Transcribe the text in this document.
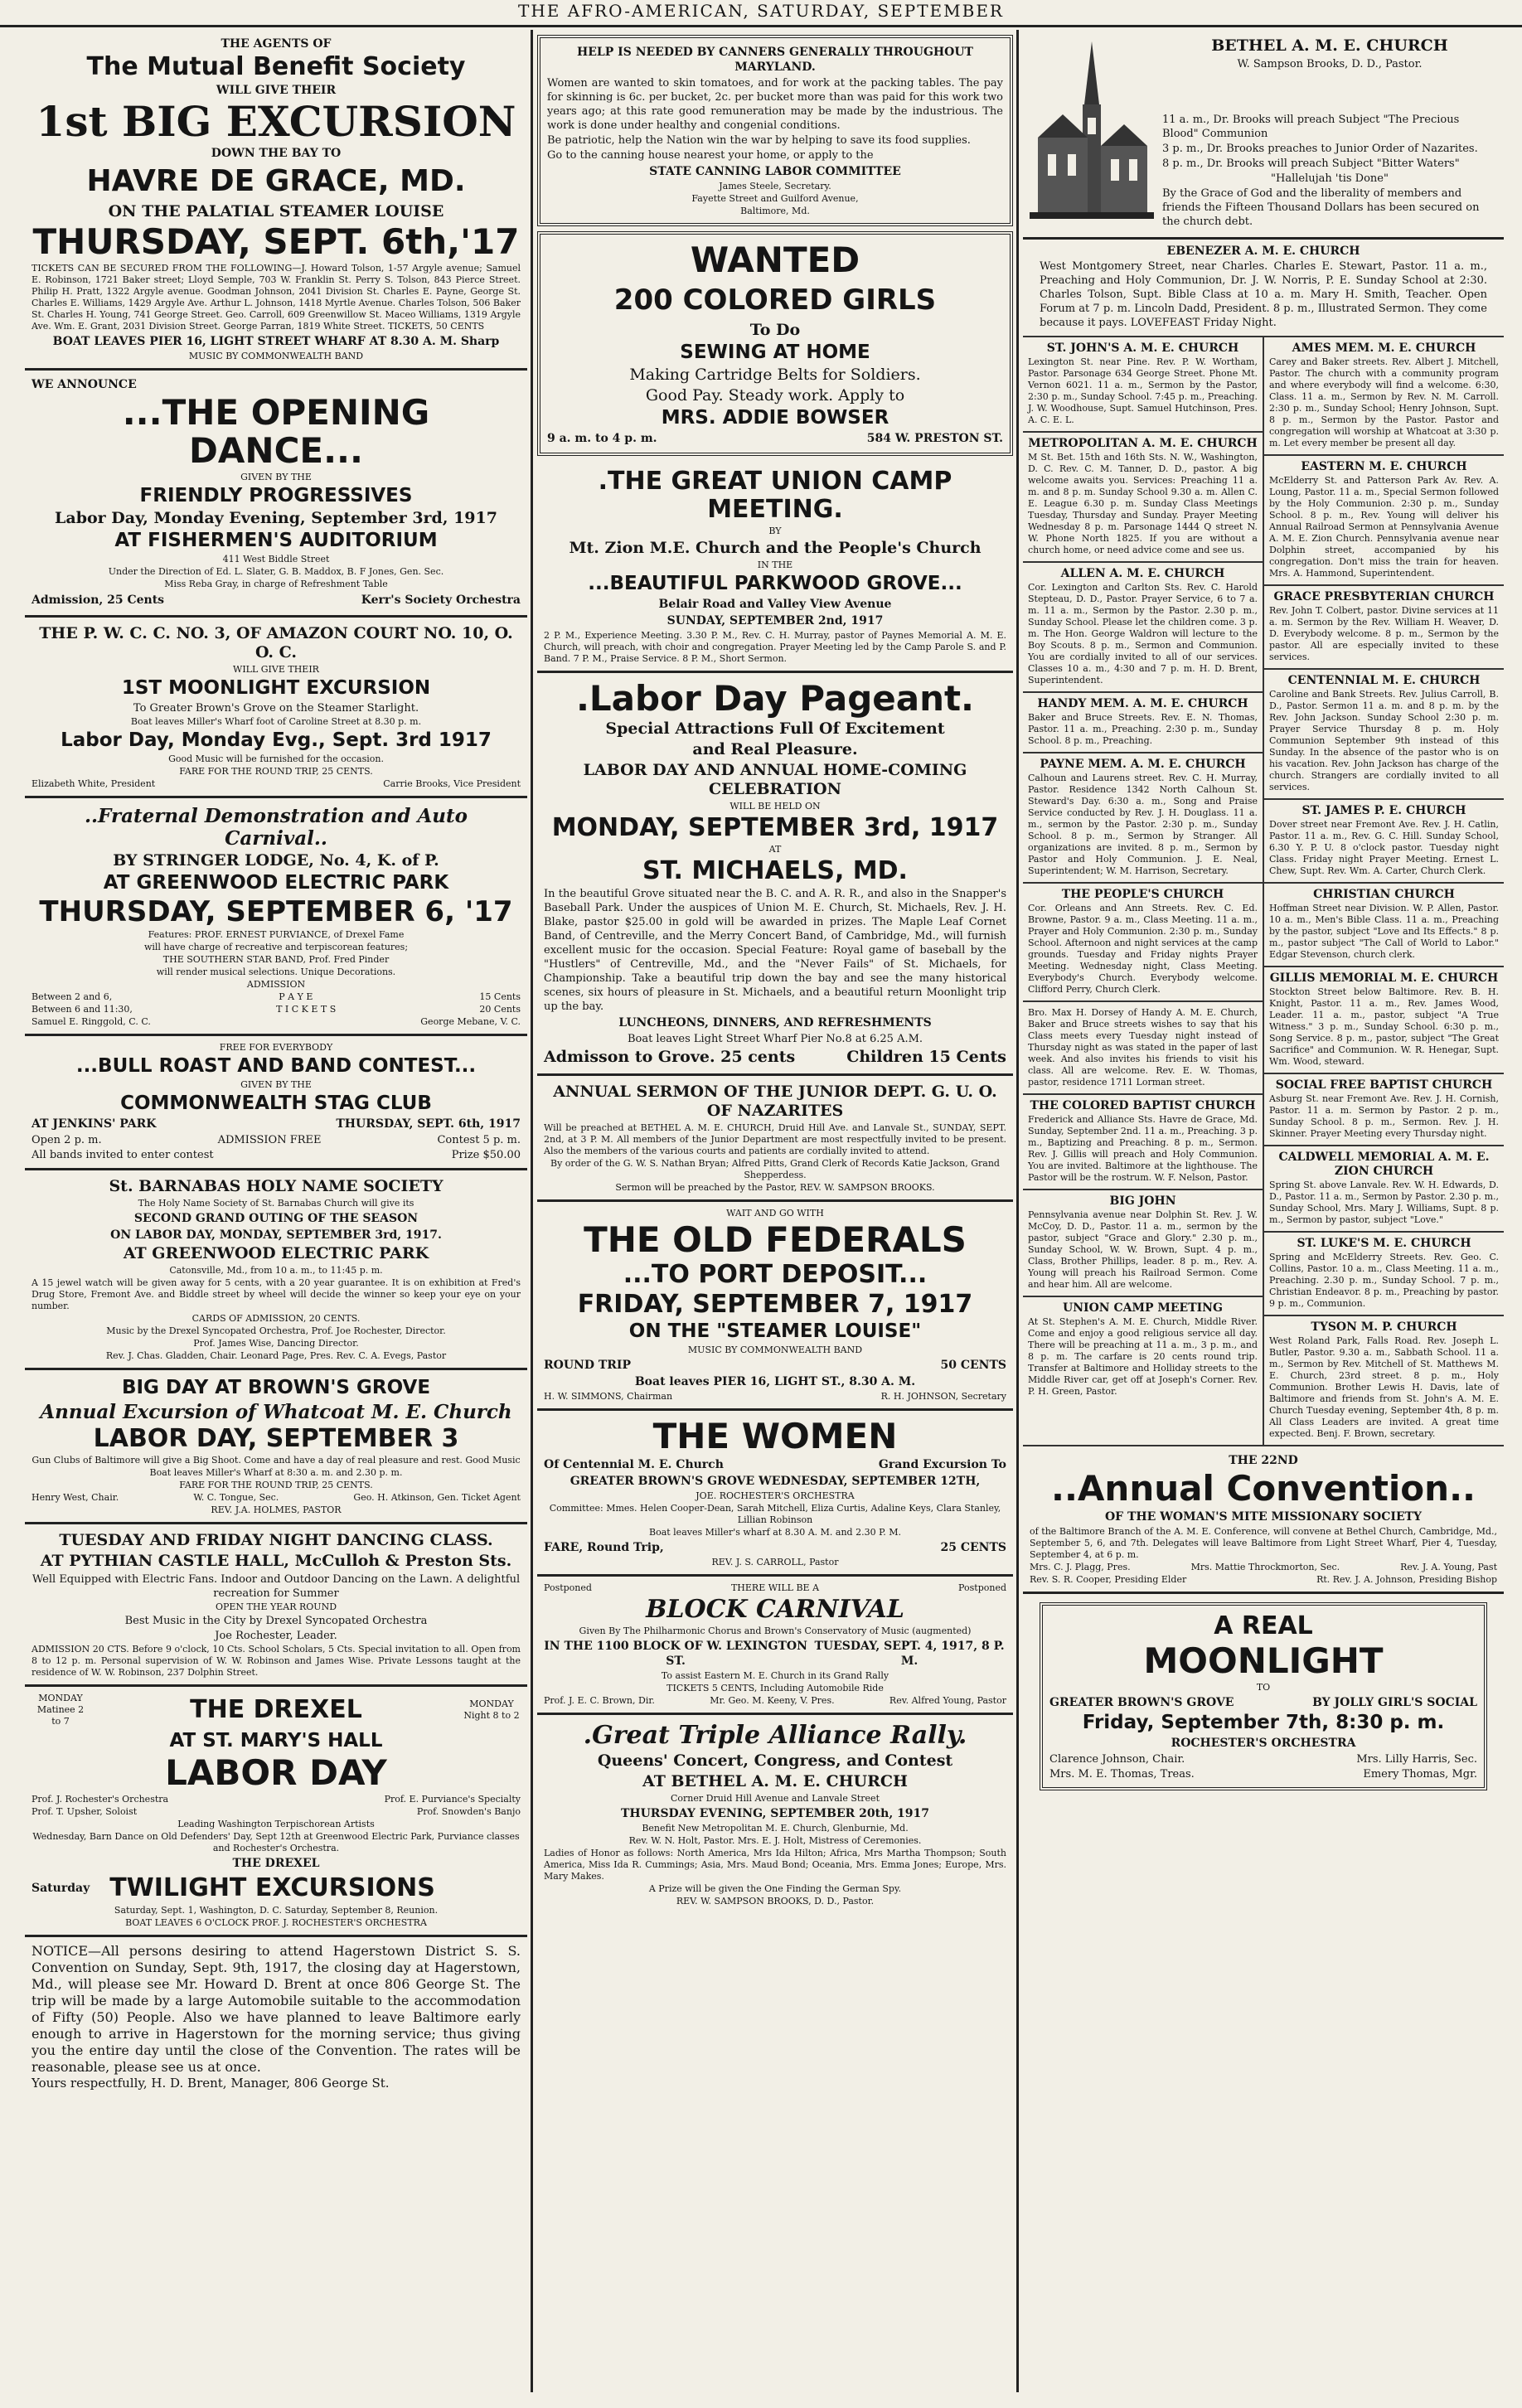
THE AFRO-AMERICAN, SATURDAY, SEPTEMBER
THE AGENTS OF
The Mutual Benefit Society
WILL GIVE THEIR
1st BIG EXCURSION
DOWN THE BAY TO
HAVRE DE GRACE, MD.
ON THE PALATIAL STEAMER LOUISE
THURSDAY, SEPT. 6th,'17
TICKETS CAN BE SECURED FROM THE FOLLOWING—J. Howard Tolson, 1-57 Argyle avenue; Samuel E. Robinson, 1721 Baker street; Lloyd Semple, 703 W. Franklin St. Perry S. Tolson, 843 Pierce Street. Philip H. Pratt, 1322 Argyle avenue. Goodman Johnson, 2041 Division St. Charles E. Payne, George St. Charles E. Williams, 1429 Argyle Ave. Arthur L. Johnson, 1418 Myrtle Avenue. Charles Tolson, 506 Baker St. Charles H. Young, 741 George Street. Geo. Carroll, 609 Greenwillow St. Maceo Williams, 1319 Argyle Ave. Wm. E. Grant, 2031 Division Street. George Parran, 1819 White Street. TICKETS, 50 CENTS
BOAT LEAVES PIER 16, LIGHT STREET WHARF AT 8.30 A. M. Sharp
MUSIC BY COMMONWEALTH BAND
WE ANNOUNCE
...THE OPENING DANCE...
GIVEN BY THE
FRIENDLY PROGRESSIVES
Labor Day, Monday Evening, September 3rd, 1917
AT FISHERMEN'S AUDITORIUM
411 West Biddle Street
Under the Direction of Ed. L. Slater, G. B. Maddox, B. F Jones, Gen. Sec.
Miss Reba Gray, in charge of Refreshment Table
Admission, 25 Cents	Kerr's Society Orchestra
THE P. W. C. C. NO. 3, OF AMAZON COURT NO. 10, O. O. C.
WILL GIVE THEIR
1ST MOONLIGHT EXCURSION
To Greater Brown's Grove on the Steamer Starlight.
Boat leaves Miller's Wharf foot of Caroline Street at 8.30 p. m.
Labor Day, Monday Evg., Sept. 3rd 1917
Good Music will be furnished for the occasion.
FARE FOR THE ROUND TRIP, 25 CENTS.
Elizabeth White, President	Carrie Brooks, Vice President
..Fraternal Demonstration and Auto Carnival..
BY STRINGER LODGE, No. 4, K. of P.
AT GREENWOOD ELECTRIC PARK
THURSDAY, SEPTEMBER 6, '17
Features: PROF. ERNEST PURVIANCE, of Drexel Fame
will have charge of recreative and terpiscorean features;
THE SOUTHERN STAR BAND, Prof. Fred Pinder
will render musical selections. Unique Decorations.
ADMISSION
Between 2 and 6,	P A Y E	15 Cents
Between 6 and 11:30,	T I C K E T S	20 Cents
Samuel E. Ringgold, C. C.	George Mebane, V. C.
FREE FOR EVERYBODY
...BULL ROAST AND BAND CONTEST...
GIVEN BY THE
COMMONWEALTH STAG CLUB
AT JENKINS' PARK	THURSDAY, SEPT. 6th, 1917
Open 2 p. m.	ADMISSION FREE	Contest 5 p. m.
All bands invited to enter contest	Prize $50.00
St. BARNABAS HOLY NAME SOCIETY
The Holy Name Society of St. Barnabas Church will give its
SECOND GRAND OUTING OF THE SEASON
ON LABOR DAY, MONDAY, SEPTEMBER 3rd, 1917.
AT GREENWOOD ELECTRIC PARK
Catonsville, Md., from 10 a. m., to 11:45 p. m.
A 15 jewel watch will be given away for 5 cents, with a 20 year guarantee. It is on exhibition at Fred's Drug Store, Fremont Ave. and Biddle street by wheel will decide the winner so keep your eye on your number.
CARDS OF ADMISSION, 20 CENTS.
Music by the Drexel Syncopated Orchestra, Prof. Joe Rochester, Director.
Prof. James Wise, Dancing Director.
Rev. J. Chas. Gladden, Chair. Leonard Page, Pres. Rev. C. A. Evegs, Pastor
BIG DAY AT BROWN'S GROVE
Annual Excursion of Whatcoat M. E. Church
LABOR DAY, SEPTEMBER 3
Gun Clubs of Baltimore will give a Big Shoot. Come and have a day of real pleasure and rest. Good Music
Boat leaves Miller's Wharf at 8:30 a. m. and 2.30 p. m.
FARE FOR THE ROUND TRIP, 25 CENTS.
Henry West, Chair.	W. C. Tongue, Sec.	Geo. H. Atkinson, Gen. Ticket Agent
REV. J.A. HOLMES, PASTOR
TUESDAY AND FRIDAY NIGHT DANCING CLASS.
AT PYTHIAN CASTLE HALL, McCulloh & Preston Sts.
Well Equipped with Electric Fans. Indoor and Outdoor Dancing on the Lawn. A delightful recreation for Summer
OPEN THE YEAR ROUND
Best Music in the City by Drexel Syncopated Orchestra
Joe Rochester, Leader.
ADMISSION 20 CTS. Before 9 o'clock, 10 Cts. School Scholars, 5 Cts. Special invitation to all. Open from 8 to 12 p. m. Personal supervision of W. W. Robinson and James Wise. Private Lessons taught at the residence of W. W. Robinson, 237 Dolphin Street.
MONDAY Matinee 2 to 7	THE DREXEL	MONDAY Night 8 to 2
AT ST. MARY'S HALL
LABOR DAY
Prof. J. Rochester's Orchestra	Prof. E. Purviance's Specialty
Prof. T. Upsher, Soloist	Prof. Snowden's Banjo
Leading Washington Terpischorean Artists
Wednesday, Barn Dance on Old Defenders' Day, Sept 12th at Greenwood Electric Park, Purviance classes and Rochester's Orchestra.
THE DREXEL
Saturday TWILIGHT EXCURSIONS
Saturday, Sept. 1, Washington, D. C. Saturday, September 8, Reunion.
BOAT LEAVES 6 O'CLOCK PROF. J. ROCHESTER'S ORCHESTRA
NOTICE—All persons desiring to attend Hagerstown District S. S. Convention on Sunday, Sept. 9th, 1917, the closing day at Hagerstown, Md., will please see Mr. Howard D. Brent at once 806 George St. The trip will be made by a large Automobile suitable to the accommodation of Fifty (50) People. Also we have planned to leave Baltimore early enough to arrive in Hagerstown for the morning service; thus giving you the entire day until the close of the Convention. The rates will be reasonable, please see us at once.
Yours respectfully, H. D. Brent, Manager, 806 George St.
HELP IS NEEDED BY CANNERS GENERALLY THROUGHOUT MARYLAND.
Women are wanted to skin tomatoes, and for work at the packing tables. The pay for skinning is 6c. per bucket, 2c. per bucket more than was paid for this work two years ago; at this rate good remuneration may be made by the industrious. The work is done under healthy and congenial conditions.
Be patriotic, help the Nation win the war by helping to save its food supplies.
Go to the canning house nearest your home, or apply to the
STATE CANNING LABOR COMMITTEE
James Steele, Secretary.
Fayette Street and Guilford Avenue,
Baltimore, Md.
WANTED
200 COLORED GIRLS
To Do
SEWING AT HOME
Making Cartridge Belts for Soldiers.
Good Pay. Steady work. Apply to
MRS. ADDIE BOWSER
9 a. m. to 4 p. m.	584 W. PRESTON ST.
.THE GREAT UNION CAMP MEETING.
BY
Mt. Zion M.E. Church and the People's Church
IN THE
...BEAUTIFUL PARKWOOD GROVE...
Belair Road and Valley View Avenue
SUNDAY, SEPTEMBER 2nd, 1917
2 P. M., Experience Meeting. 3.30 P. M., Rev. C. H. Murray, pastor of Paynes Memorial A. M. E. Church, will preach, with choir and congregation. Prayer Meeting led by the Camp Parole S. and P. Band. 7 P. M., Praise Service. 8 P. M., Short Sermon.
.Labor Day Pageant.
Special Attractions Full Of Excitement
and Real Pleasure.
LABOR DAY AND ANNUAL HOME-COMING CELEBRATION
WILL BE HELD ON
MONDAY, SEPTEMBER 3rd, 1917
AT
ST. MICHAELS, MD.
In the beautiful Grove situated near the B. C. and A. R. R., and also in the Snapper's Baseball Park. Under the auspices of Union M. E. Church, St. Michaels, Rev. J. H. Blake, pastor $25.00 in gold will be awarded in prizes. The Maple Leaf Cornet Band, of Centreville, and the Merry Concert Band, of Cambridge, Md., will furnish excellent music for the occasion. Special Feature: Royal game of baseball by the "Hustlers" of Centreville, Md., and the "Never Fails" of St. Michaels, for Championship. Take a beautiful trip down the bay and see the many historical scenes, six hours of pleasure in St. Michaels, and a beautiful return Moonlight trip up the bay.
LUNCHEONS, DINNERS, AND REFRESHMENTS
Boat leaves Light Street Wharf Pier No.8 at 6.25 A.M.
Admisson to Grove. 25 cents	Children 15 Cents
ANNUAL SERMON OF THE JUNIOR DEPT. G. U. O. OF NAZARITES
Will be preached at BETHEL A. M. E. CHURCH, Druid Hill Ave. and Lanvale St., SUNDAY, SEPT. 2nd, at 3 P. M. All members of the Junior Department are most respectfully invited to be present. Also the members of the various courts and patients are cordially invited to attend.
By order of the G. W. S. Nathan Bryan; Alfred Pitts, Grand Clerk of Records Katie Jackson, Grand Shepperdess.
Sermon will be preached by the Pastor, REV. W. SAMPSON BROOKS.
WAIT AND GO WITH
THE OLD FEDERALS
...TO PORT DEPOSIT...
FRIDAY, SEPTEMBER 7, 1917
ON THE "STEAMER LOUISE"
MUSIC BY COMMONWEALTH BAND
ROUND TRIP	50 CENTS
Boat leaves PIER 16, LIGHT ST., 8.30 A. M.
H. W. SIMMONS, Chairman	R. H. JOHNSON, Secretary
THE WOMEN
Of Centennial M. E. Church	Grand Excursion To
GREATER BROWN'S GROVE WEDNESDAY, SEPTEMBER 12TH,
JOE. ROCHESTER'S ORCHESTRA
Committee: Mmes. Helen Cooper-Dean, Sarah Mitchell, Eliza Curtis, Adaline Keys, Clara Stanley, Lillian Robinson
Boat leaves Miller's wharf at 8.30 A. M. and 2.30 P. M.
FARE, Round Trip,	25 CENTS
REV. J. S. CARROLL, Pastor
Postponed	THERE WILL BE A	Postponed
BLOCK CARNIVAL
Given By The Philharmonic Chorus and Brown's Conservatory of Music (augmented)
IN THE 1100 BLOCK OF W. LEXINGTON ST.
TUESDAY, SEPT. 4, 1917, 8 P. M.
To assist Eastern M. E. Church in its Grand Rally
TICKETS 5 CENTS, Including Automobile Ride
Prof. J. E. C. Brown, Dir.	Mr. Geo. M. Keeny, V. Pres.	Rev. Alfred Young, Pastor
.Great Triple Alliance Rally.
Queens' Concert, Congress, and Contest
AT BETHEL A. M. E. CHURCH
Corner Druid Hill Avenue and Lanvale Street
THURSDAY EVENING, SEPTEMBER 20th, 1917
Benefit New Metropolitan M. E. Church, Glenburnie, Md.
Rev. W. N. Holt, Pastor. Mrs. E. J. Holt, Mistress of Ceremonies.
Ladies of Honor as follows: North America, Mrs Ida Hilton; Africa, Mrs Martha Thompson; South America, Miss Ida R. Cummings; Asia, Mrs. Maud Bond; Oceania, Mrs. Emma Jones; Europe, Mrs. Mary Makes.
A Prize will be given the One Finding the German Spy.
REV. W. SAMPSON BROOKS, D. D., Pastor.
BETHEL A. M. E. CHURCH
W. Sampson Brooks, D. D., Pastor.
11 a. m., Dr. Brooks will preach Subject "The Precious Blood" Communion
3 p. m., Dr. Brooks preaches to Junior Order of Nazarites.
8 p. m., Dr. Brooks will preach Subject "Bitter Waters"
"Hallelujah 'tis Done"
By the Grace of God and the liberality of members and friends the Fifteen Thousand Dollars has been secured on the church debt.
EBENEZER A. M. E. CHURCH
West Montgomery Street, near Charles. Charles E. Stewart, Pastor. 11 a. m., Preaching and Holy Communion, Dr. J. W. Norris, P. E. Sunday School at 2:30. Charles Tolson, Supt. Bible Class at 10 a. m. Mary H. Smith, Teacher. Open Forum at 7 p. m. Lincoln Dadd, President. 8 p. m., Illustrated Sermon. They come because it pays. LOVEFEAST Friday Night.
ST. JOHN'S A. M. E. CHURCH
Lexington St. near Pine. Rev. P. W. Wortham, Pastor. Parsonage 634 George Street. Phone Mt. Vernon 6021. 11 a. m., Sermon by the Pastor, 2:30 p. m., Sunday School. 7:45 p. m., Preaching. J. W. Woodhouse, Supt. Samuel Hutchinson, Pres. A. C. E. L.
METROPOLITAN A. M. E. CHURCH
M St. Bet. 15th and 16th Sts. N. W., Washington, D. C. Rev. C. M. Tanner, D. D., pastor. A big welcome awaits you. Services: Preaching 11 a. m. and 8 p. m. Sunday School 9.30 a. m. Allen C. E. League 6.30 p. m. Sunday Class Meetings Tuesday, Thursday and Sunday. Prayer Meeting Wednesday 8 p. m. Parsonage 1444 Q street N. W. Phone North 1825. If you are without a church home, or need advice come and see us.
ALLEN A. M. E. CHURCH
Cor. Lexington and Carlton Sts. Rev. C. Harold Stepteau, D. D., Pastor. Prayer Service, 6 to 7 a. m. 11 a. m., Sermon by the Pastor. 2.30 p. m., Sunday School. Please let the children come. 3 p. m. The Hon. George Waldron will lecture to the Boy Scouts. 8 p. m., Sermon and Communion. You are cordially invited to all of our services. Classes 10 a. m., 4:30 and 7 p. m. H. D. Brent, Superintendent.
HANDY MEM. A. M. E. CHURCH
Baker and Bruce Streets. Rev. E. N. Thomas, Pastor. 11 a. m., Preaching. 2:30 p. m., Sunday School. 8 p. m., Preaching.
PAYNE MEM. A. M. E. CHURCH
Calhoun and Laurens street. Rev. C. H. Murray, Pastor. Residence 1342 North Calhoun St. Steward's Day. 6:30 a. m., Song and Praise Service conducted by Rev. J. H. Douglass. 11 a. m., sermon by the Pastor. 2:30 p. m., Sunday School. 8 p. m., Sermon by Stranger. All organizations are invited. 8 p. m., Sermon by Pastor and Holy Communion. J. E. Neal, Superintendent; W. M. Harrison, Secretary.
THE PEOPLE'S CHURCH
Cor. Orleans and Ann Streets. Rev. C. Ed. Browne, Pastor. 9 a. m., Class Meeting. 11 a. m., Prayer and Holy Communion. 2:30 p. m., Sunday School. Afternoon and night services at the camp grounds. Tuesday and Friday nights Prayer Meeting. Wednesday night, Class Meeting. Everybody's Church. Everybody welcome. Clifford Perry, Church Clerk.
Bro. Max H. Dorsey of Handy A. M. E. Church, Baker and Bruce streets wishes to say that his Class meets every Tuesday night instead of Thursday night as was stated in the paper of last week. And also invites his friends to visit his class. All are welcome. Rev. E. W. Thomas, pastor, residence 1711 Lorman street.
THE COLORED BAPTIST CHURCH
Frederick and Alliance Sts. Havre de Grace, Md. Sunday, September 2nd. 11 a. m., Preaching. 3 p. m., Baptizing and Preaching. 8 p. m., Sermon. Rev. J. Gillis will preach and Holy Communion. You are invited. Baltimore at the lighthouse. The Pastor will be the rostrum. W. F. Nelson, Pastor.
BIG JOHN
Pennsylvania avenue near Dolphin St. Rev. J. W. McCoy, D. D., Pastor. 11 a. m., sermon by the pastor, subject "Grace and Glory." 2.30 p. m., Sunday School, W. W. Brown, Supt. 4 p. m., Class, Brother Phillips, leader. 8 p. m., Rev. A. Young will preach his Railroad Sermon. Come and hear him. All are welcome.
UNION CAMP MEETING
At St. Stephen's A. M. E. Church, Middle River. Come and enjoy a good religious service all day. There will be preaching at 11 a. m., 3 p. m., and 8 p. m. The carfare is 20 cents round trip. Transfer at Baltimore and Holliday streets to the Middle River car, get off at Joseph's Corner. Rev. P. H. Green, Pastor.
AMES MEM. M. E. CHURCH
Carey and Baker streets. Rev. Albert J. Mitchell, Pastor. The church with a community program and where everybody will find a welcome. 6:30, Class. 11 a. m., Sermon by Rev. N. M. Carroll. 2:30 p. m., Sunday School; Henry Johnson, Supt. 8 p. m., Sermon by the Pastor. Pastor and congregation will worship at Whatcoat at 3:30 p. m. Let every member be present all day.
EASTERN M. E. CHURCH
McElderry St. and Patterson Park Av. Rev. A. Loung, Pastor. 11 a. m., Special Sermon followed by the Holy Communion. 2:30 p. m., Sunday School. 8 p. m., Rev. Young will deliver his Annual Railroad Sermon at Pennsylvania Avenue A. M. E. Zion Church. Pennsylvania avenue near Dolphin street, accompanied by his congregation. Don't miss the train for heaven. Mrs. A. Hammond, Superintendent.
GRACE PRESBYTERIAN CHURCH
Rev. John T. Colbert, pastor. Divine services at 11 a. m. Sermon by the Rev. William H. Weaver, D. D. Everybody welcome. 8 p. m., Sermon by the pastor. All are especially invited to these services.
CENTENNIAL M. E. CHURCH
Caroline and Bank Streets. Rev. Julius Carroll, B. D., Pastor. Sermon 11 a. m. and 8 p. m. by the Rev. John Jackson. Sunday School 2:30 p. m. Prayer Service Thursday 8 p. m. Holy Communion September 9th instead of this Sunday. In the absence of the pastor who is on his vacation. Rev. John Jackson has charge of the church. Strangers are cordially invited to all services.
ST. JAMES P. E. CHURCH
Dover street near Fremont Ave. Rev. J. H. Catlin, Pastor. 11 a. m., Rev. G. C. Hill. Sunday School, 6.30 Y. P. U. 8 o'clock pastor. Tuesday night Class. Friday night Prayer Meeting. Ernest L. Chew, Supt. Rev. Wm. A. Carter, Church Clerk.
CHRISTIAN CHURCH
Hoffman Street near Division. W. P. Allen, Pastor. 10 a. m., Men's Bible Class. 11 a. m., Preaching by the pastor, subject "Love and Its Effects." 8 p. m., pastor subject "The Call of World to Labor." Edgar Stevenson, church clerk.
GILLIS MEMORIAL M. E. CHURCH
Stockton Street below Baltimore. Rev. B. H. Knight, Pastor. 11 a. m., Rev. James Wood, Leader. 11 a. m., pastor, subject "A True Witness." 3 p. m., Sunday School. 6:30 p. m., Song Service. 8 p. m., pastor, subject "The Great Sacrifice" and Communion. W. R. Henegar, Supt. Wm. Wood, steward.
SOCIAL FREE BAPTIST CHURCH
Asburg St. near Fremont Ave. Rev. J. H. Cornish, Pastor. 11 a. m. Sermon by Pastor. 2 p. m., Sunday School. 8 p. m., Sermon. Rev. J. H. Skinner. Prayer Meeting every Thursday night.
CALDWELL MEMORIAL A. M. E. ZION CHURCH
Spring St. above Lanvale. Rev. W. H. Edwards, D. D., Pastor. 11 a. m., Sermon by Pastor. 2.30 p. m., Sunday School, Mrs. Mary J. Williams, Supt. 8 p. m., Sermon by pastor, subject "Love."
ST. LUKE'S M. E. CHURCH
Spring and McElderry Streets. Rev. Geo. C. Collins, Pastor. 10 a. m., Class Meeting. 11 a. m., Preaching. 2.30 p. m., Sunday School. 7 p. m., Christian Endeavor. 8 p. m., Preaching by pastor. 9 p. m., Communion.
TYSON M. P. CHURCH
West Roland Park, Falls Road. Rev. Joseph L. Butler, Pastor. 9.30 a. m., Sabbath School. 11 a. m., Sermon by Rev. Mitchell of St. Matthews M. E. Church, 23rd street. 8 p. m., Holy Communion. Brother Lewis H. Davis, late of Baltimore and friends from St. John's A. M. E. Church Tuesday evening, September 4th, 8 p. m. All Class Leaders are invited. A great time expected. Benj. F. Brown, secretary.
THE 22ND
..Annual Convention..
OF THE WOMAN'S MITE MISSIONARY SOCIETY
of the Baltimore Branch of the A. M. E. Conference, will convene at Bethel Church, Cambridge, Md., September 5, 6, and 7th. Delegates will leave Baltimore from Light Street Wharf, Pier 4, Tuesday, September 4, at 6 p. m.
Mrs. C. J. Plagg, Pres.	Mrs. Mattie Throckmorton, Sec.	Rev. J. A. Young, Past
Rev. S. R. Cooper, Presiding Elder	Rt. Rev. J. A. Johnson, Presiding Bishop
A REAL
MOONLIGHT
TO
GREATER BROWN'S GROVE	BY JOLLY GIRL'S SOCIAL
Friday, September 7th, 8:30 p. m.
ROCHESTER'S ORCHESTRA
Clarence Johnson, Chair.	Mrs. Lilly Harris, Sec.
Mrs. M. E. Thomas, Treas.	Emery Thomas, Mgr.
